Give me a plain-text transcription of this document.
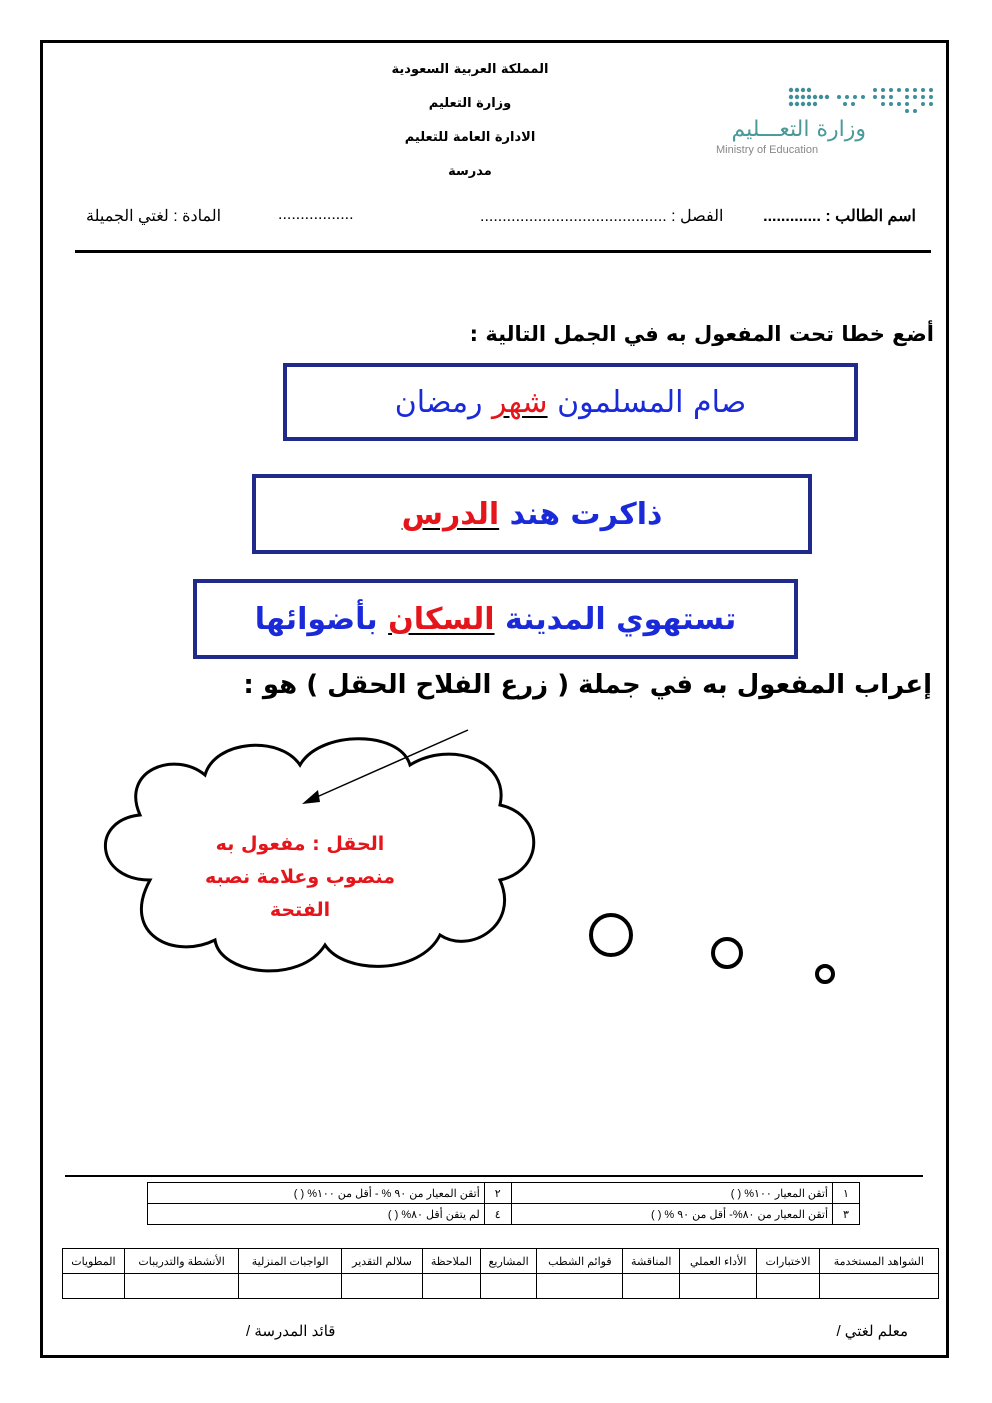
المملكة العربية السعودية
وزارة التعليم
الادارة العامة للتعليم
مدرسة
وزارة التعـــليم
Ministry of Education
اسم الطالب : .............
الفصل : ..........................................
.................
المادة : لغتي الجميلة
أضع خطا تحت المفعول به في الجمل التالية :
صام المسلمون شهر رمضان
ذاكرت هند الدرس
تستهوي المدينة السكان بأضوائها
إعراب المفعول به في جملة ( زرع الفلاح الحقل ) هو :
الحقل : مفعول به
منصوب وعلامة نصبه
الفتحة
١	أتقن المعيار ١٠٠% ( )	٢	أتقن المعيار من ٩٠ % - أقل من ١٠٠% ( )
٣	أتقن المعيار من ٨٠%- أقل من ٩٠ % ( )	٤	لم يتقن أقل ٨٠% ( )
الشواهد المستخدمة	الاختبارات	الأداء العملي	المناقشة	قوائم الشطب	المشاريع	الملاحظة	سلالم التقدير	الواجبات المنزلية	الأنشطة والتدريبات	المطويات

معلم لغتي /
قائد المدرسة /
